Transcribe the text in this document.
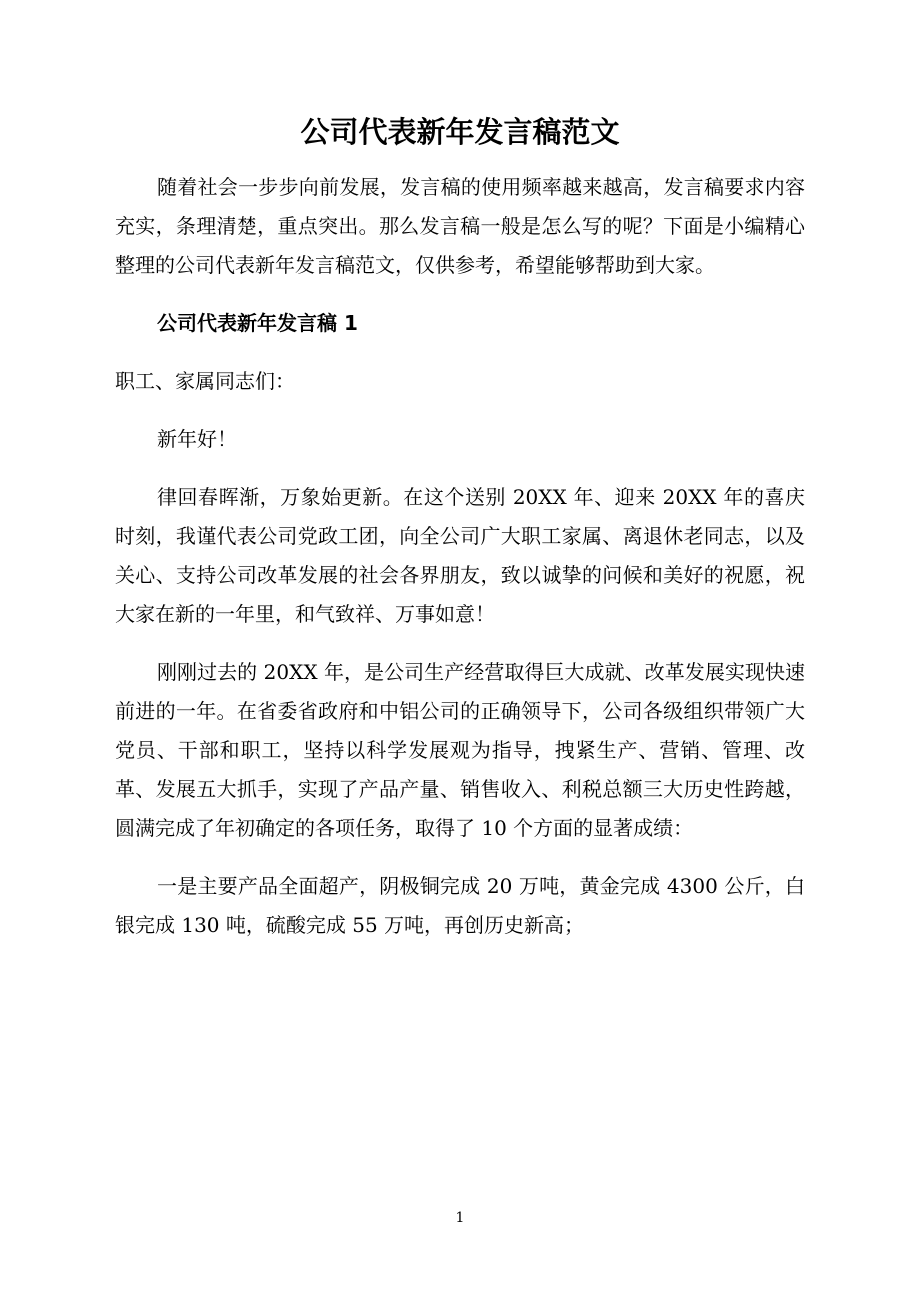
公司代表新年发言稿范文

随着社会一步步向前发展，发言稿的使用频率越来越高，发言稿要求内容充实，条理清楚，重点突出。那么发言稿一般是怎么写的呢？下面是小编精心整理的公司代表新年发言稿范文，仅供参考，希望能够帮助到大家。

公司代表新年发言稿 1

职工、家属同志们：

新年好！

律回春晖渐，万象始更新。在这个送别 20XX 年、迎来 20XX 年的喜庆时刻，我谨代表公司党政工团，向全公司广大职工家属、离退休老同志，以及关心、支持公司改革发展的社会各界朋友，致以诚挚的问候和美好的祝愿，祝大家在新的一年里，和气致祥、万事如意！

刚刚过去的 20XX 年，是公司生产经营取得巨大成就、改革发展实现快速前进的一年。在省委省政府和中铝公司的正确领导下，公司各级组织带领广大党员、干部和职工，坚持以科学发展观为指导，拽紧生产、营销、管理、改革、发展五大抓手，实现了产品产量、销售收入、利税总额三大历史性跨越，圆满完成了年初确定的各项任务，取得了 10 个方面的显著成绩：

一是主要产品全面超产，阴极铜完成 20 万吨，黄金完成 4300 公斤，白银完成 130 吨，硫酸完成 55 万吨，再创历史新高；

1
